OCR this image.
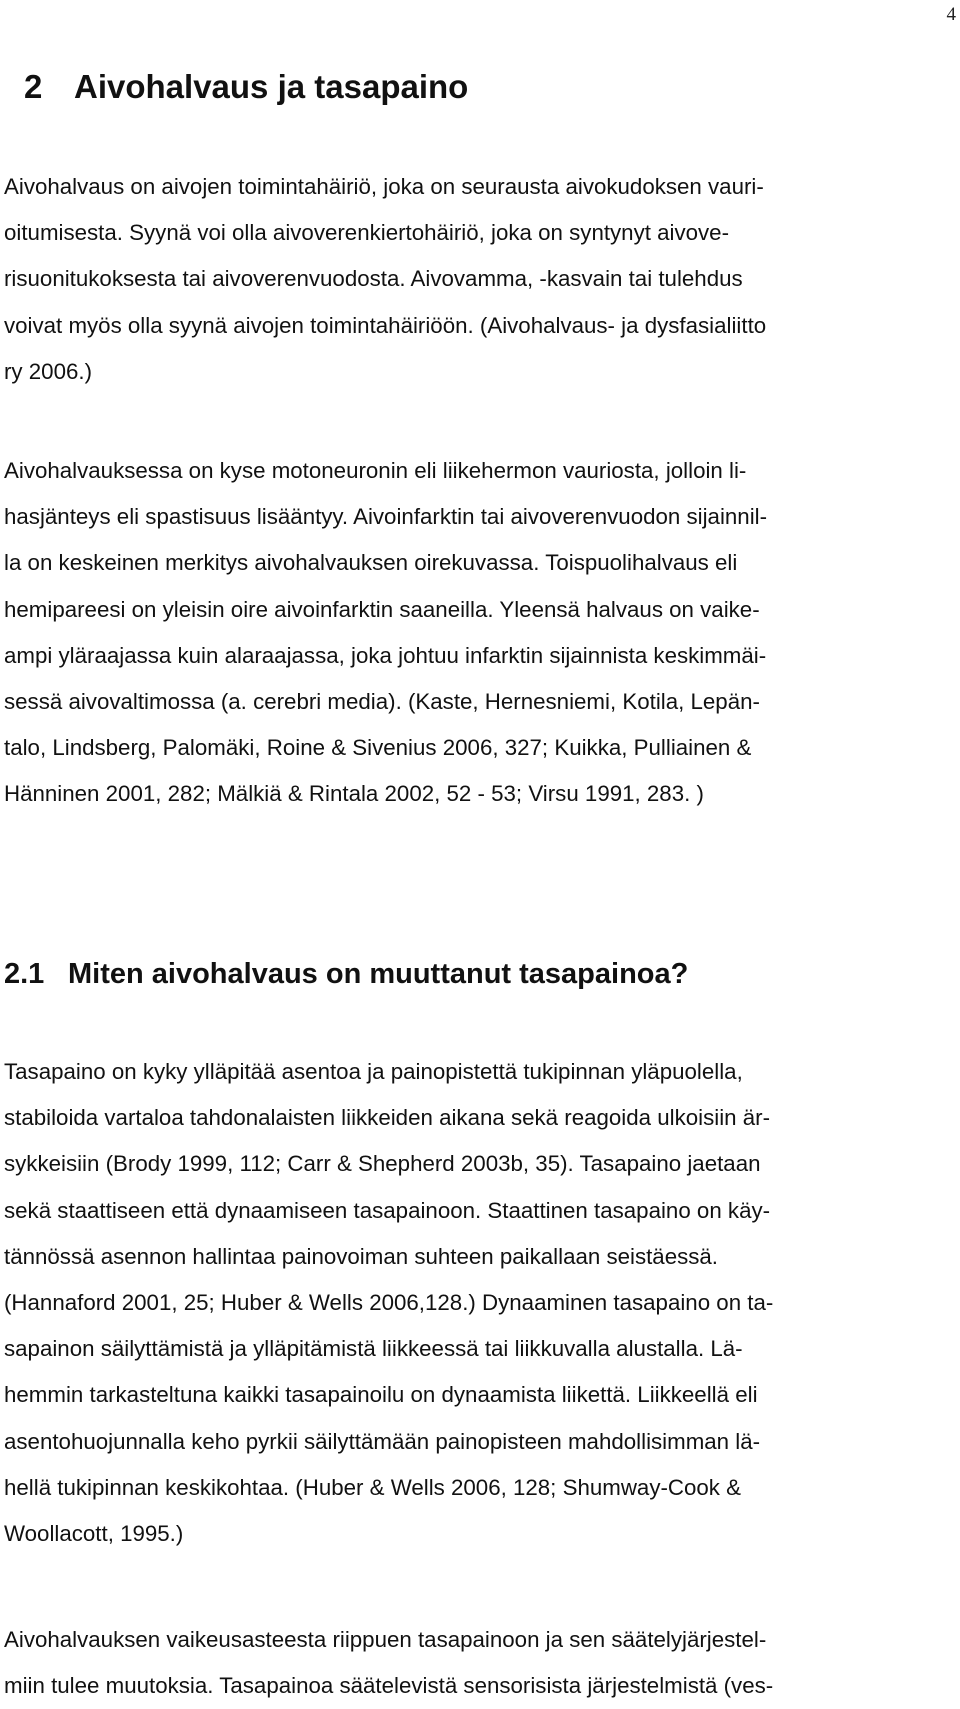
4
2 Aivohalvaus ja tasapaino

Aivohalvaus on aivojen toimintahäiriö, joka on seurausta aivokudoksen vauri-
oitumisesta. Syynä voi olla aivoverenkiertohäiriö, joka on syntynyt aivove-
risuonitukoksesta tai aivoverenvuodosta. Aivovamma, -kasvain tai tulehdus
voivat myös olla syynä aivojen toimintahäiriöön. (Aivohalvaus- ja dysfasialiitto
ry 2006.)

Aivohalvauksessa on kyse motoneuronin eli liikehermon vauriosta, jolloin li-
hasjänteys eli spastisuus lisääntyy. Aivoinfarktin tai aivoverenvuodon sijainnil-
la on keskeinen merkitys aivohalvauksen oirekuvassa. Toispuolihalvaus eli
hemipareesi on yleisin oire aivoinfarktin saaneilla. Yleensä halvaus on vaike-
ampi yläraajassa kuin alaraajassa, joka johtuu infarktin sijainnista keskimmäi-
sessä aivovaltimossa (a. cerebri media). (Kaste, Hernesniemi, Kotila, Lepän-
talo, Lindsberg, Palomäki, Roine & Sivenius 2006, 327; Kuikka, Pulliainen &
Hänninen 2001, 282; Mälkiä & Rintala 2002, 52 - 53; Virsu 1991, 283. )

2.1 Miten aivohalvaus on muuttanut tasapainoa?

Tasapaino on kyky ylläpitää asentoa ja painopistettä tukipinnan yläpuolella,
stabiloida vartaloa tahdonalaisten liikkeiden aikana sekä reagoida ulkoisiin är-
sykkeisiin (Brody 1999, 112; Carr & Shepherd 2003b, 35). Tasapaino jaetaan
sekä staattiseen että dynaamiseen tasapainoon. Staattinen tasapaino on käy-
tännössä asennon hallintaa painovoiman suhteen paikallaan seistäessä.
(Hannaford 2001, 25; Huber & Wells 2006,128.) Dynaaminen tasapaino on ta-
sapainon säilyttämistä ja ylläpitämistä liikkeessä tai liikkuvalla alustalla. Lä-
hemmin tarkasteltuna kaikki tasapainoilu on dynaamista liikettä. Liikkeellä eli
asentohuojunnalla keho pyrkii säilyttämään painopisteen mahdollisimman lä-
hellä tukipinnan keskikohtaa. (Huber & Wells 2006, 128; Shumway-Cook &
Woollacott, 1995.)

Aivohalvauksen vaikeusasteesta riippuen tasapainoon ja sen säätelyjärjestel-
miin tulee muutoksia. Tasapainoa säätelevistä sensorisista järjestelmistä (ves-
